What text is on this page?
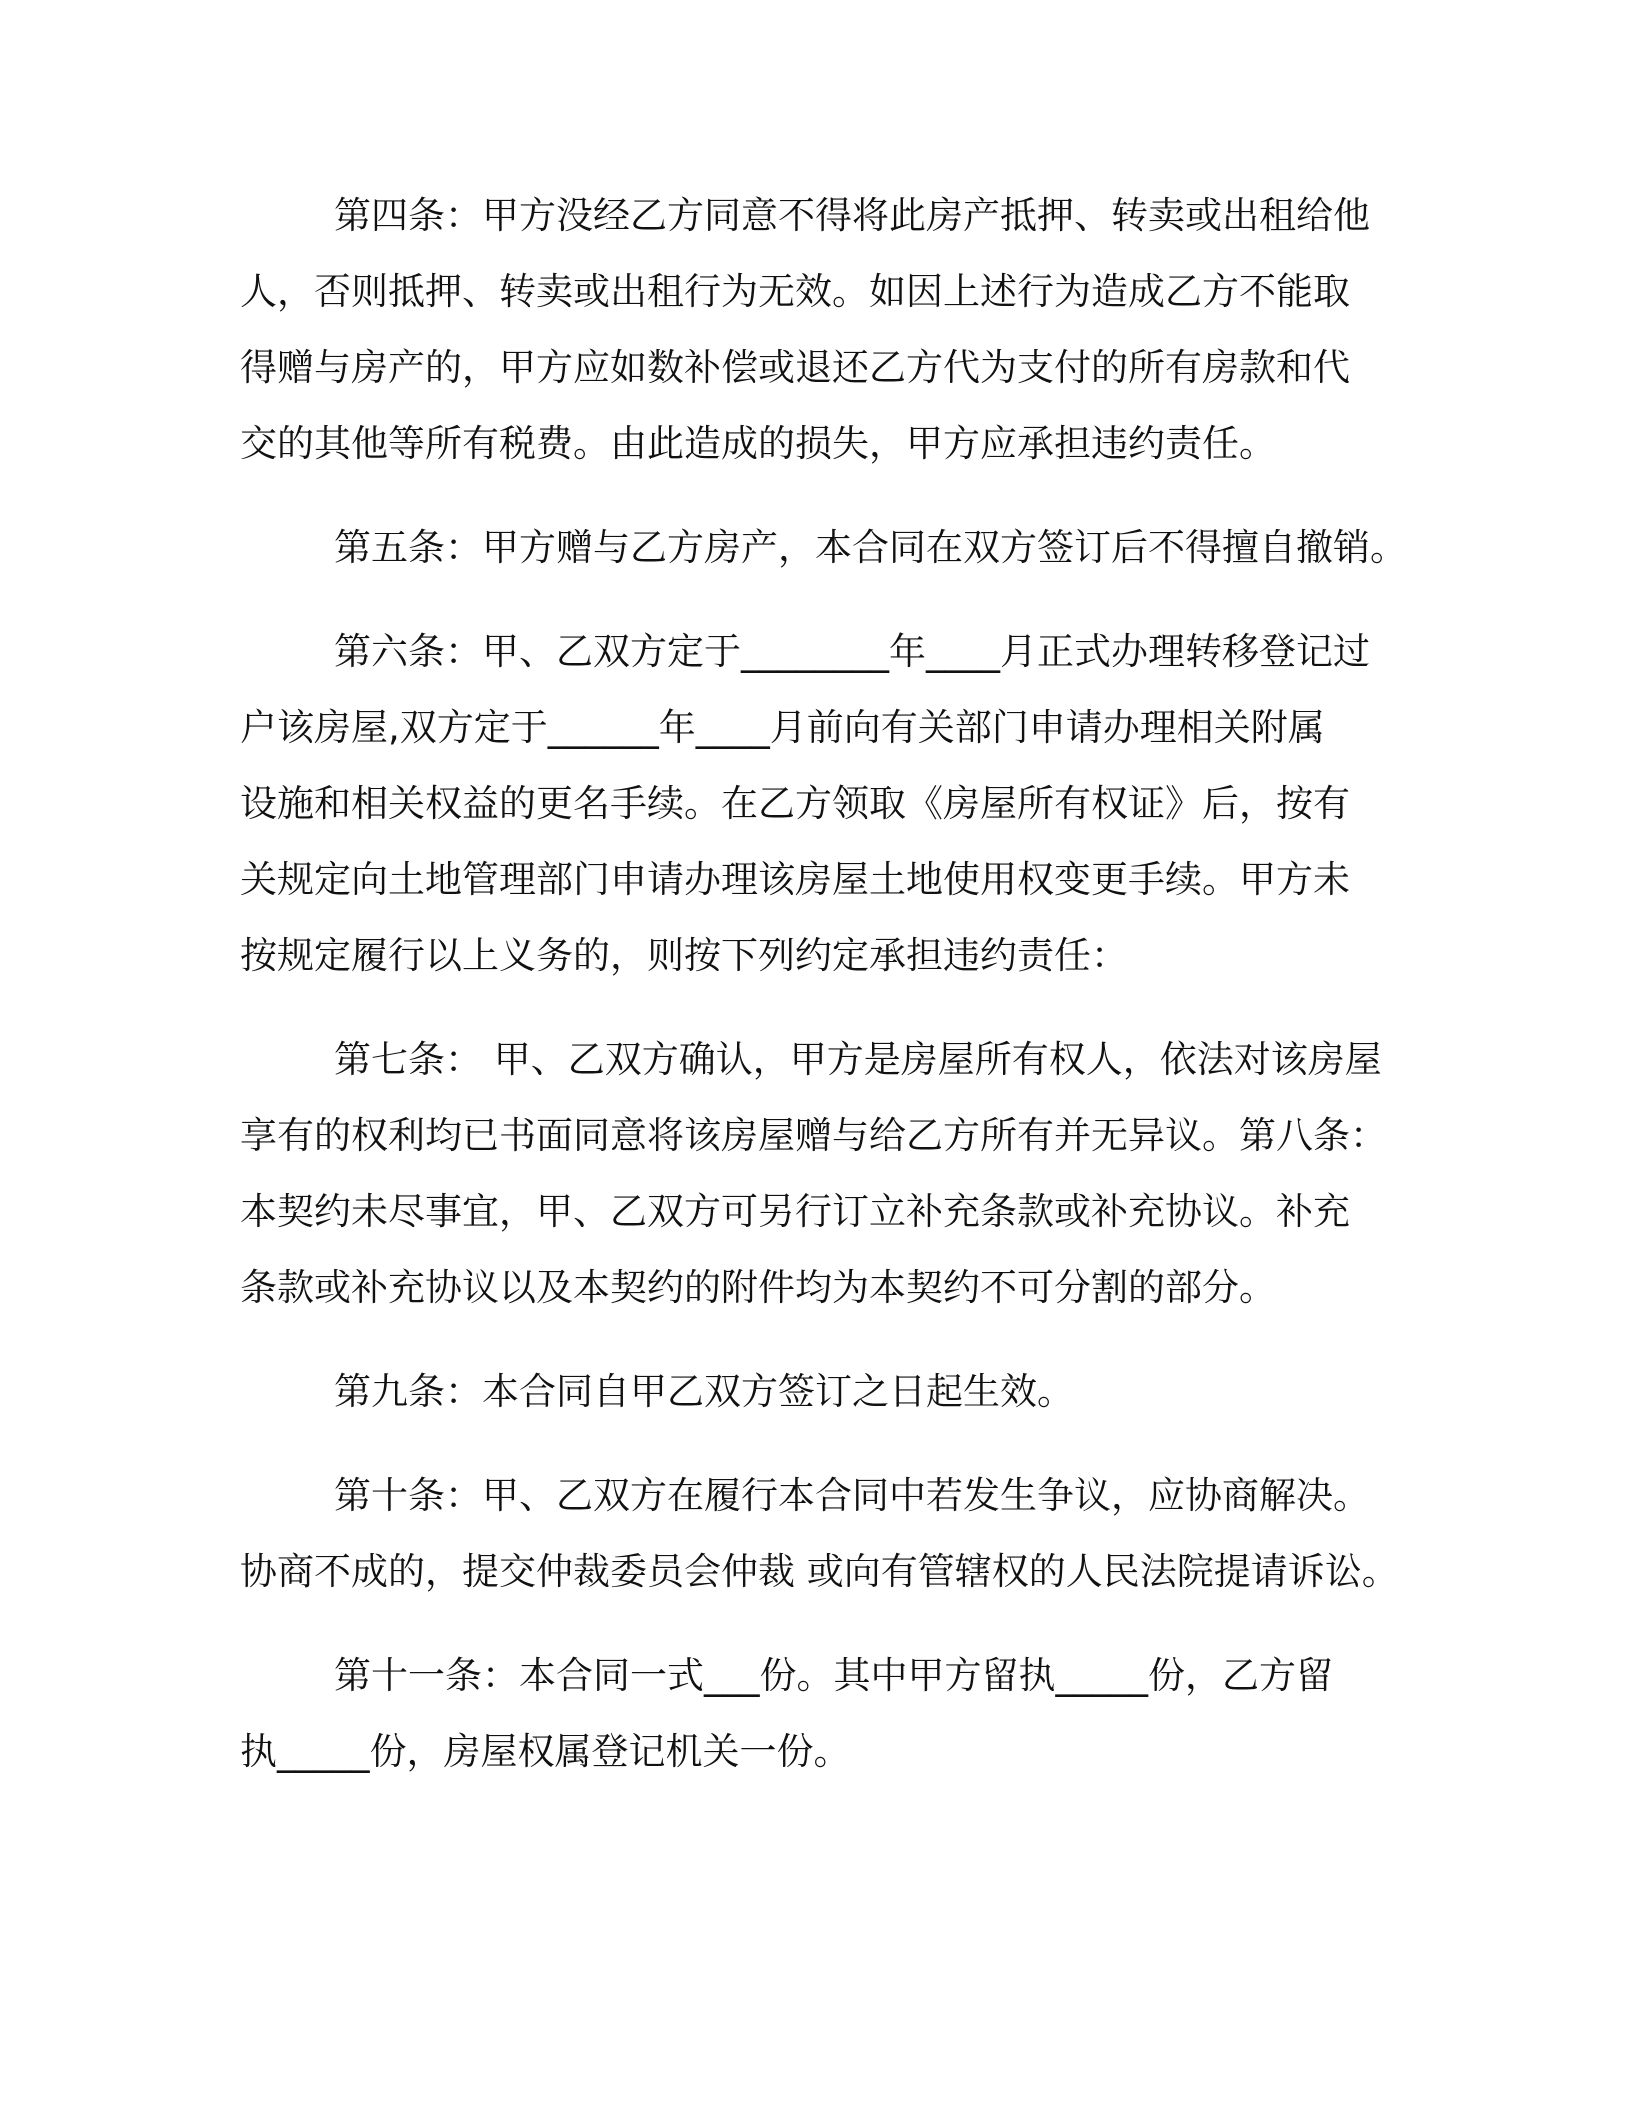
第四条：甲方没经乙方同意不得将此房产抵押、转卖或出租给他
人，否则抵押、转卖或出租行为无效。如因上述行为造成乙方不能取
得赠与房产的，甲方应如数补偿或退还乙方代为支付的所有房款和代
交的其他等所有税费。由此造成的损失，甲方应承担违约责任。
第五条：甲方赠与乙方房产，本合同在双方签订后不得擅自撤销。
第六条：甲、乙双方定于________年____月正式办理转移登记过
户该房屋,双方定于______年____月前向有关部门申请办理相关附属
设施和相关权益的更名手续。在乙方领取《房屋所有权证》后，按有
关规定向土地管理部门申请办理该房屋土地使用权变更手续。甲方未
按规定履行以上义务的，则按下列约定承担违约责任：
第七条： 甲、乙双方确认，甲方是房屋所有权人，依法对该房屋
享有的权利均已书面同意将该房屋赠与给乙方所有并无异议。第八条：
本契约未尽事宜，甲、乙双方可另行订立补充条款或补充协议。补充
条款或补充协议以及本契约的附件均为本契约不可分割的部分。
第九条：本合同自甲乙双方签订之日起生效。
第十条：甲、乙双方在履行本合同中若发生争议，应协商解决。
协商不成的，提交仲裁委员会仲裁 或向有管辖权的人民法院提请诉讼。
第十一条：本合同一式___份。其中甲方留执_____份，乙方留
执_____份，房屋权属登记机关一份。
